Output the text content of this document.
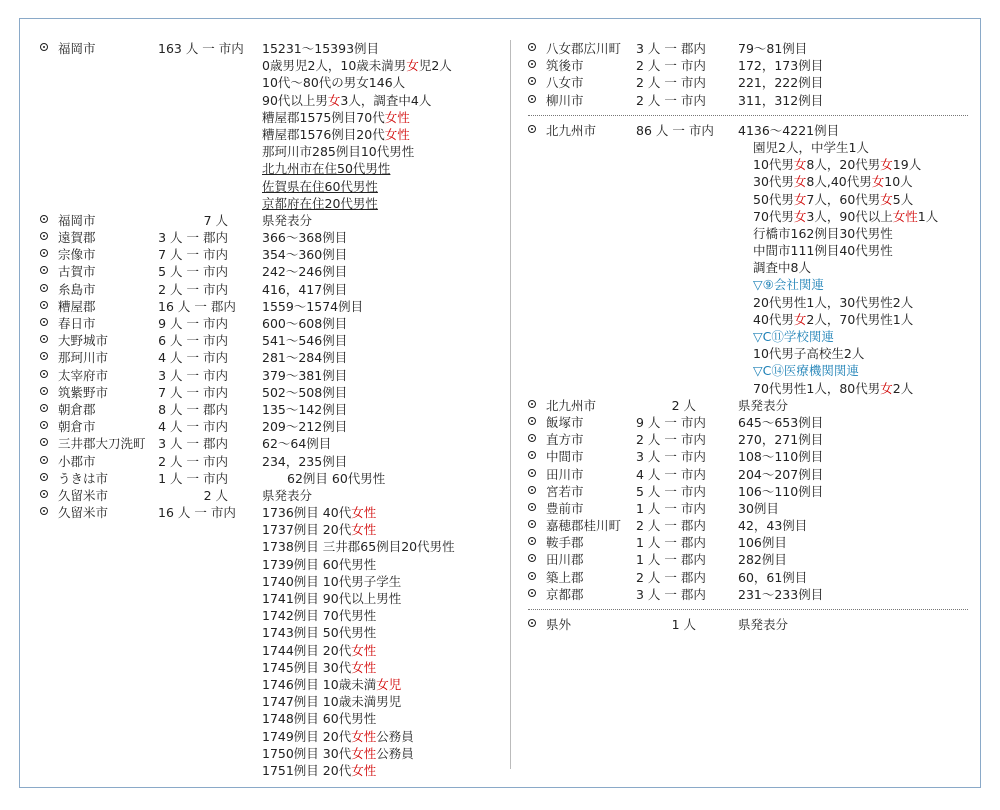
福岡市	163 人 一 市内 15231～15393例目
0歳男児2人，10歳未満男女児2人
10代～80代の男女146人
90代以上男女3人，調査中4人
糟屋郡1575例目70代女性
糟屋郡1576例目20代女性
那珂川市285例目10代男性
北九州市在住50代男性
佐賀県在住60代男性
京都府在住20代男性
福岡市	7 人	県発表分
遠賀郡	3 人 一 郡内	366～368例目
宗像市	7 人 一 市内	354～360例目
古賀市	5 人 一 市内	242～246例目
糸島市	2 人 一 市内	416，417例目
糟屋郡	16 人 一 郡内 1559～1574例目
春日市	9 人 一 市内	600～608例目
大野城市	6 人 一 市内	541～546例目
那珂川市	4 人 一 市内	281～284例目
太宰府市	3 人 一 市内	379～381例目
筑紫野市	7 人 一 市内	502～508例目
朝倉郡	8 人 一 郡内	135～142例目
朝倉市	4 人 一 市内	209～212例目
三井郡大刀洗町 3 人 一 郡内	62～64例目
小郡市	2 人 一 市内	234，235例目
うきは市	1 人 一 市内	　　62例目 60代男性
久留米市	2 人	県発表分
久留米市	16 人 一 市内 1736例目 40代女性
1737例目 20代女性
1738例目 三井郡65例目20代男性
1739例目 60代男性
1740例目 10代男子学生
1741例目 90代以上男性
1742例目 70代男性
1743例目 50代男性
1744例目 20代女性
1745例目 30代女性
1746例目 10歳未満女児
1747例目 10歳未満男児
1748例目 60代男性
1749例目 20代女性公務員
1750例目 30代女性公務員
1751例目 20代女性
八女郡広川町 3 人 一 郡内	79～81例目
筑後市	2 人 一 市内	172，173例目
八女市	2 人 一 市内	221，222例目
柳川市	2 人 一 市内	311，312例目
北九州市	86 人 一 市内 4136～4221例目
園児2人，中学生1人
10代男女8人，20代男女19人
30代男女8人,40代男女10人
50代男女7人，60代男女5人
70代男女3人，90代以上女性1人
行橋市162例目30代男性
中間市111例目40代男性
調査中8人
▽⑨会社関連
20代男性1人，30代男性2人
40代男女2人，70代男性1人
▽C⑪学校関連
10代男子高校生2人
▽C⑭医療機関関連
70代男性1人，80代男女2人
北九州市	2 人	県発表分
飯塚市	9 人 一 市内	645～653例目
直方市	2 人 一 市内	270，271例目
中間市	3 人 一 市内	108～110例目
田川市	4 人 一 市内	204～207例目
宮若市	5 人 一 市内	106～110例目
豊前市	1 人 一 市内	30例目
嘉穂郡桂川町 2 人 一 郡内	42，43例目
鞍手郡	1 人 一 郡内	106例目
田川郡	1 人 一 郡内	282例目
築上郡	2 人 一 郡内	60，61例目
京都郡	3 人 一 郡内	231～233例目
県外	1 人	県発表分
